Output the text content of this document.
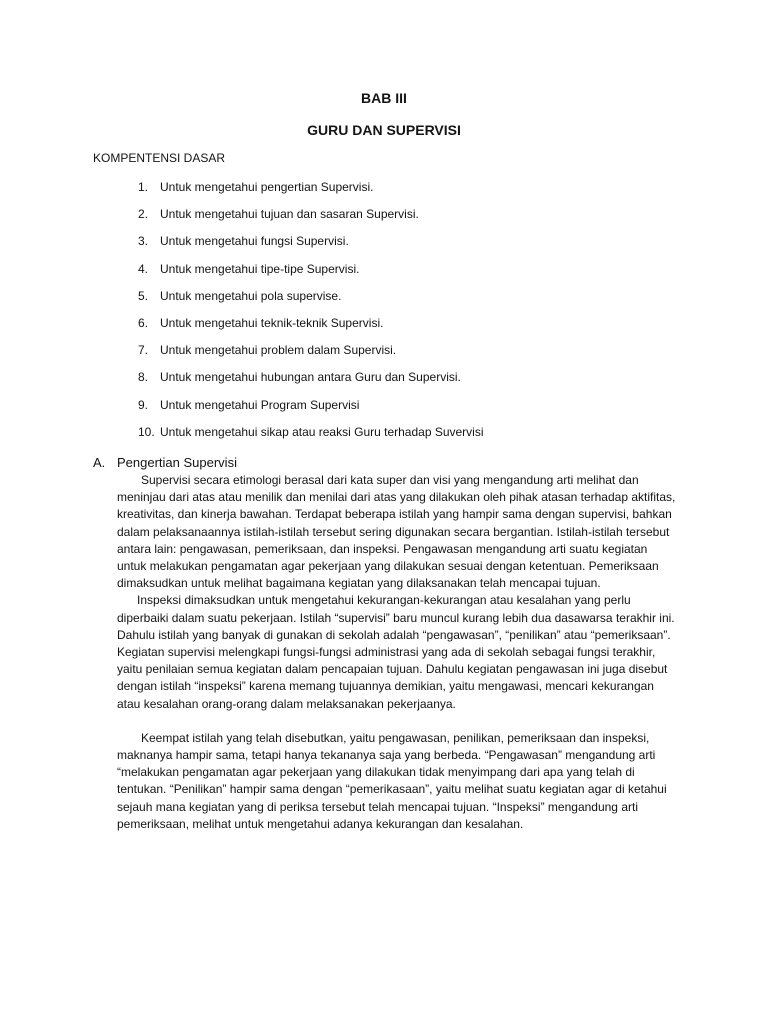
BAB III
GURU DAN SUPERVISI
KOMPENTENSI DASAR
1. Untuk mengetahui pengertian Supervisi.
2. Untuk mengetahui tujuan dan sasaran Supervisi.
3. Untuk mengetahui fungsi Supervisi.
4. Untuk mengetahui tipe-tipe Supervisi.
5. Untuk mengetahui pola supervise.
6. Untuk mengetahui teknik-teknik Supervisi.
7. Untuk mengetahui problem dalam Supervisi.
8. Untuk mengetahui hubungan antara Guru dan Supervisi.
9. Untuk mengetahui Program Supervisi
10. Untuk mengetahui sikap atau reaksi Guru terhadap Suvervisi
A. Pengertian Supervisi

Supervisi secara etimologi berasal dari kata super dan visi yang mengandung arti melihat dan meninjau dari atas atau menilik dan menilai dari atas yang dilakukan oleh pihak atasan terhadap aktifitas, kreativitas, dan kinerja bawahan. Terdapat beberapa istilah yang hampir sama dengan supervisi, bahkan dalam pelaksanaannya istilah-istilah tersebut sering digunakan secara bergantian. Istilah-istilah tersebut antara lain: pengawasan, pemeriksaan, dan inspeksi. Pengawasan mengandung arti suatu kegiatan untuk melakukan pengamatan agar pekerjaan yang dilakukan sesuai dengan ketentuan. Pemeriksaan dimaksudkan untuk melihat bagaimana kegiatan yang dilaksanakan telah mencapai tujuan.

Inspeksi dimaksudkan untuk mengetahui kekurangan-kekurangan atau kesalahan yang perlu diperbaiki dalam suatu pekerjaan. Istilah “supervisi” baru muncul kurang lebih dua dasawarsa terakhir ini. Dahulu istilah yang banyak di gunakan di sekolah adalah “pengawasan”, “penilikan” atau “pemeriksaan”. Kegiatan supervisi melengkapi fungsi-fungsi administrasi yang ada di sekolah sebagai fungsi terakhir, yaitu penilaian semua kegiatan dalam pencapaian tujuan. Dahulu kegiatan pengawasan ini juga disebut dengan istilah “inspeksi” karena memang tujuannya demikian, yaitu mengawasi, mencari kekurangan atau kesalahan orang-orang dalam melaksanakan pekerjaanya.

Keempat istilah yang telah disebutkan, yaitu pengawasan, penilikan, pemeriksaan dan inspeksi, maknanya hampir sama, tetapi hanya tekananya saja yang berbeda. “Pengawasan” mengandung arti “melakukan pengamatan agar pekerjaan yang dilakukan tidak menyimpang dari apa yang telah di tentukan. “Penilikan” hampir sama dengan “pemerikasaan”, yaitu melihat suatu kegiatan agar di ketahui sejauh mana kegiatan yang di periksa tersebut telah mencapai tujuan. “Inspeksi” mengandung arti pemeriksaan, melihat untuk mengetahui adanya kekurangan dan kesalahan.
